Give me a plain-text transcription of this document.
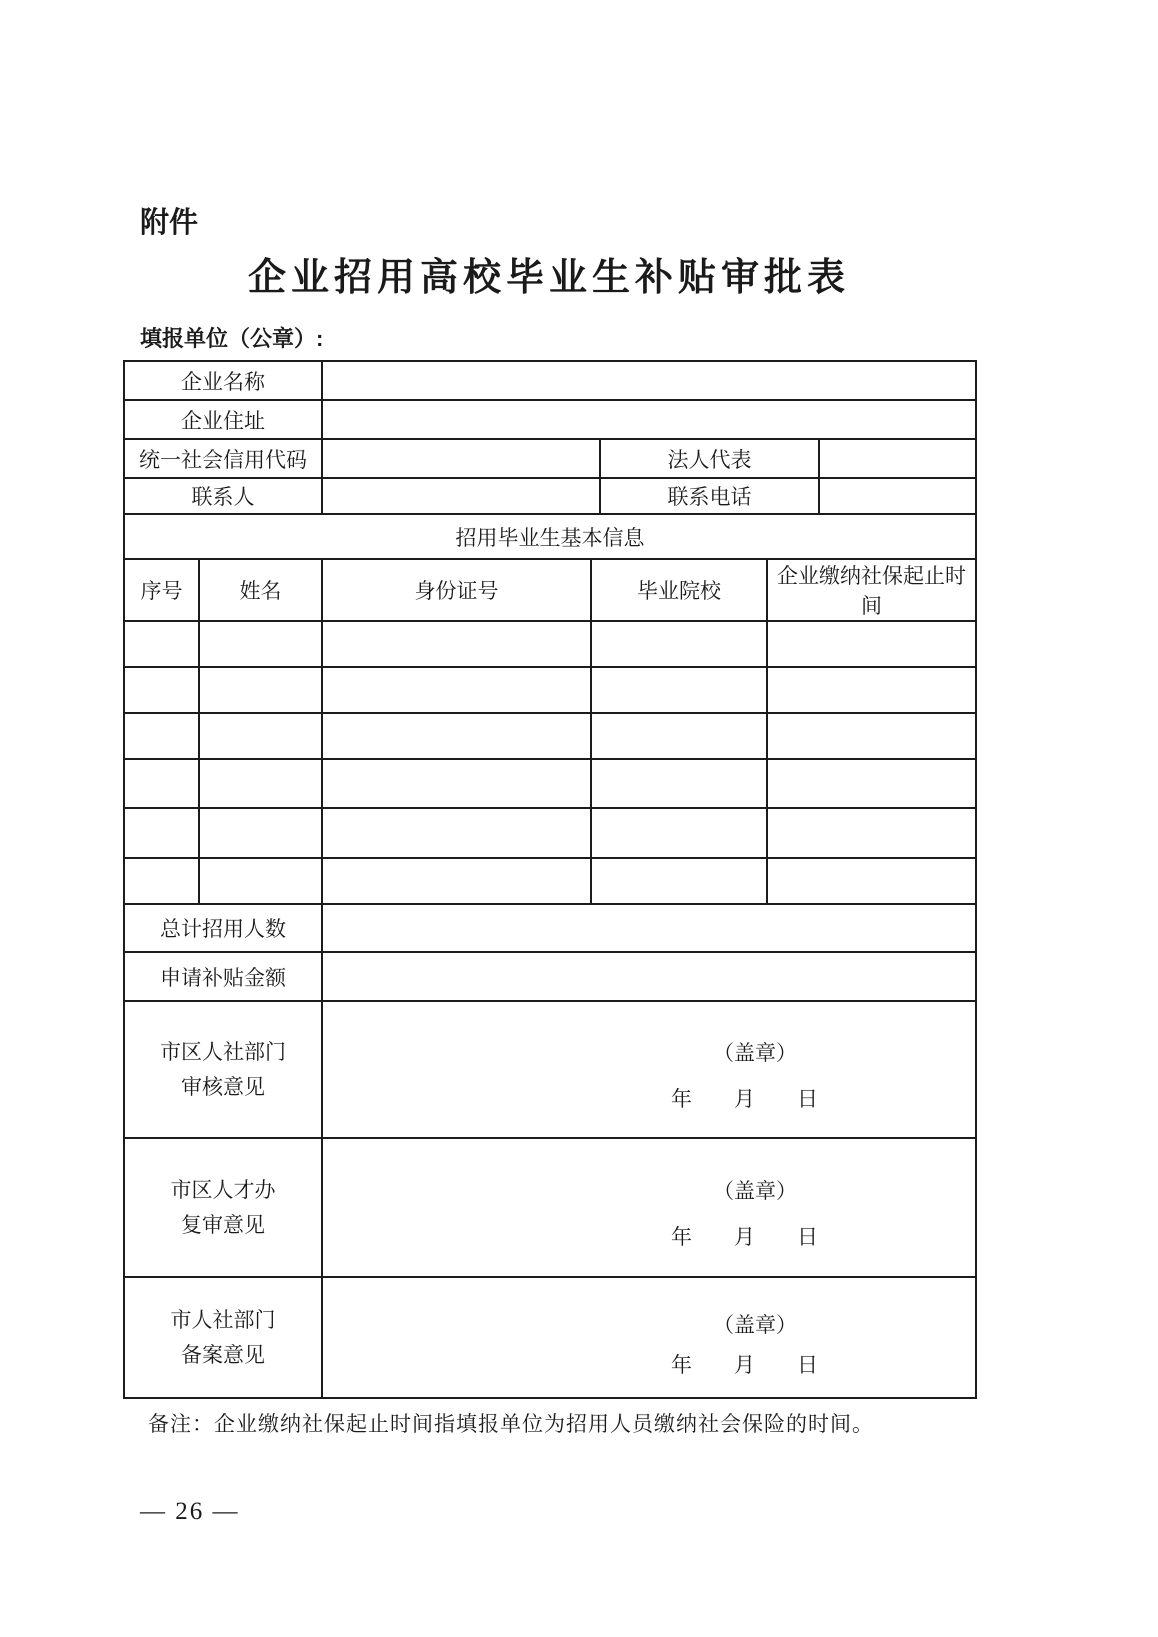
附件
企业招用高校毕业生补贴审批表
填报单位（公章）:
企业名称			
企业住址			
统一社会信用代码		法人代表	
联系人		联系电话	
招用毕业生基本信息				
序号	姓名	身份证号	毕业院校	企业缴纳社保起止时间

总计招用人数	
申请补贴金额	
市区人社部门
审核意见

（盖章）
年　　月　　日

市区人才办
复审意见

（盖章）
年　　月　　日

市人社部门
备案意见

（盖章）
年　　月　　日
备注：企业缴纳社保起止时间指填报单位为招用人员缴纳社会保险的时间。
— 26 —
